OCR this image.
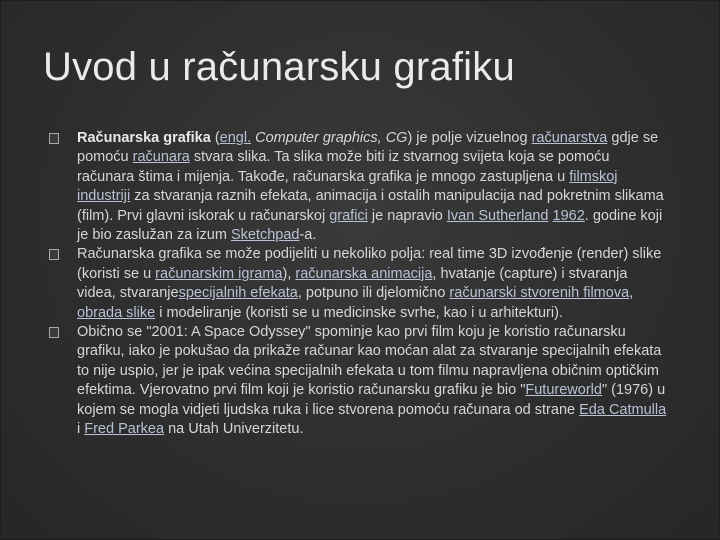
Uvod u računarsku grafiku
Računarska grafika (engl. Computer graphics, CG) je polje vizuelnog računarstva gdje se pomoću računara stvara slika. Ta slika može biti iz stvarnog svijeta koja se pomoću računara štima i mijenja. Takođe, računarska grafika je mnogo zastupljena u filmskoj industriji za stvaranja raznih efekata, animacija i ostalih manipulacija nad pokretnim slikama (film). Prvi glavni iskorak u računarskoj grafici je napravio Ivan Sutherland 1962. godine koji je bio zaslužan za izum Sketchpad-a.
Računarska grafika se može podijeliti u nekoliko polja: real time 3D izvođenje (render) slike (koristi se u računarskim igrama), računarska animacija, hvatanje (capture) i stvaranja videa, stvaranjespecijalnih efekata, potpuno ili djelomično računarski stvorenih filmova, obrada slike i modeliranje (koristi se u medicinske svrhe, kao i u arhitekturi).
Obično se "2001: A Space Odyssey" spominje kao prvi film koju je koristio računarsku grafiku, iako je pokušao da prikaže računar kao moćan alat za stvaranje specijalnih efekata to nije uspio, jer je ipak većina specijalnih efekata u tom filmu napravljena običnim optičkim efektima. Vjerovatno prvi film koji je koristio računarsku grafiku je bio "Futureworld" (1976) u kojem se mogla vidjeti ljudska ruka i lice stvorena pomoću računara od strane Eda Catmulla i Fred Parkea na Utah Univerzitetu.
